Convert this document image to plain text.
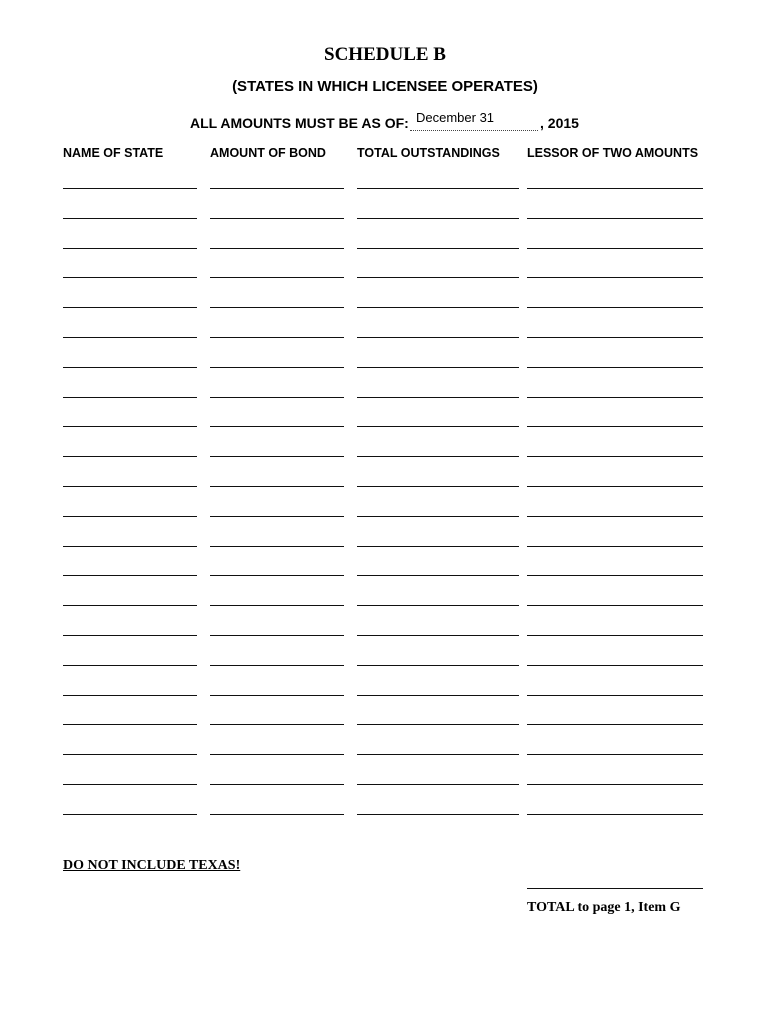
SCHEDULE B
(STATES IN WHICH LICENSEE OPERATES)
ALL AMOUNTS MUST BE AS OF: December 31	, 2015
NAME OF STATE	AMOUNT OF BOND TOTAL OUTSTANDINGS LESSOR OF TWO AMOUNTS
DO NOT INCLUDE TEXAS!
TOTAL to page 1, Item G
